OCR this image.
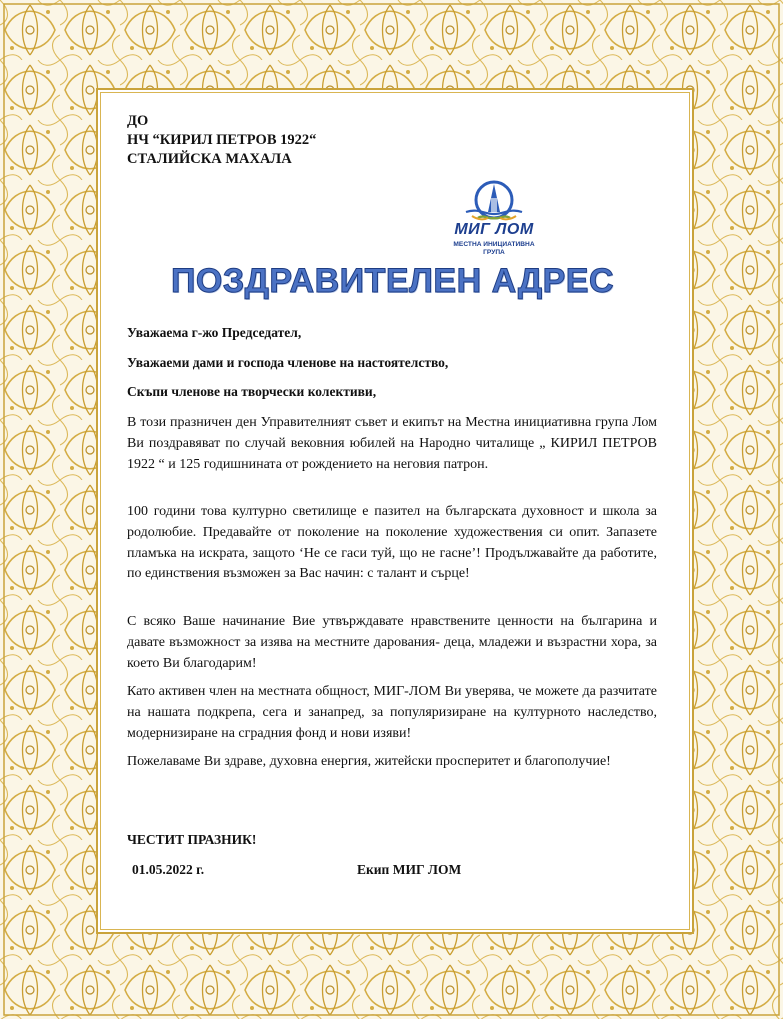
ДО
НЧ “КИРИЛ ПЕТРОВ 1922“
СТАЛИЙСКА МАХАЛА
МИГ ЛОМ
МЕСТНА ИНИЦИАТИВНА
ГРУПА
ПОЗДРАВИТЕЛЕН АДРЕС
Уважаема г-жо Председател,
Уважаеми дами и господа членове на настоятелство,
Скъпи членове на творчески колективи,
В този празничен ден Управителният съвет и екипът на Местна инициативна група Лом Ви поздравяват по случай вековния юбилей на Народно читалище „ КИРИЛ ПЕТРОВ 1922 “ и 125 годишнината от рождението на неговия патрон.
100 години това културно светилище е пазител на българската духовност и школа за родолюбие. Предавайте от поколение на поколение художествения си опит. Запазете пламъка на искрата, защото ‘Не се гаси туй, що не гасне’! Продължавайте да работите, по единствения възможен за Вас начин: с талант и сърце!
С всяко Ваше начинание Вие утвърждавате нравствените ценности на българина и давате възможност за изява на местните дарования- деца, младежи и възрастни хора, за което Ви благодарим!
Като активен член на местната общност, МИГ-ЛОМ Ви уверява, че можете да разчитате на нашата подкрепа, сега и занапред, за популяризиране на културното наследство, модернизиране на сградния фонд и нови изяви!
Пожелаваме Ви здраве, духовна енергия, житейски просперитет и благополучие!
ЧЕСТИТ ПРАЗНИК!
01.05.2022 г.	Екип МИГ ЛОМ
